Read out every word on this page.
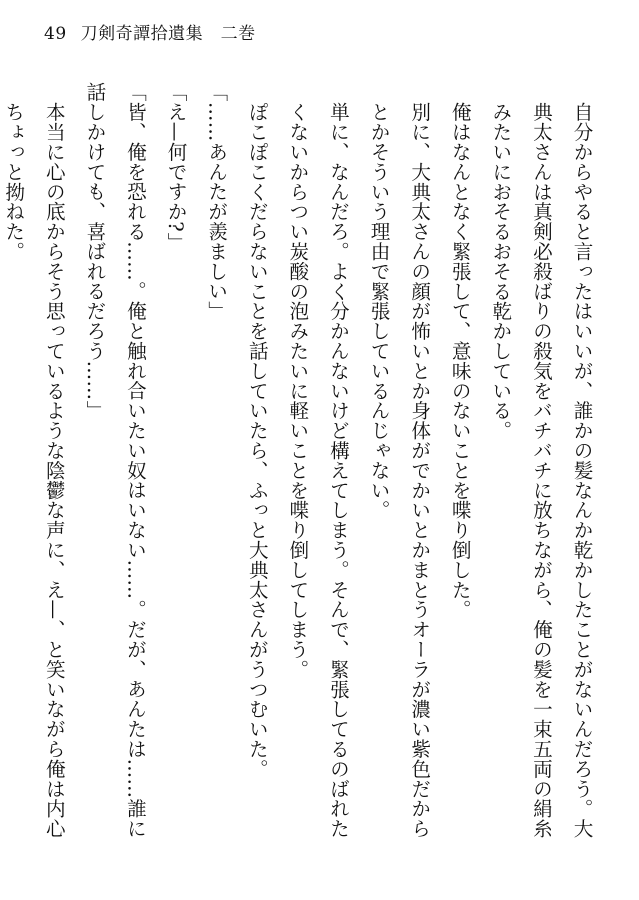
49 刀剣奇譚拾遺集　二巻

自分からやると言ったはいいが、誰かの髪なんか乾かしたことがないんだろう。大典太さんは真剣必殺ばりの殺気をバチバチに放ちながら、俺の髪を一束五両の絹糸みたいにおそるおそる乾かしている。

俺はなんとなく緊張して、意味のないことを喋り倒した。

別に、大典太さんの顔が怖いとか身体がでかいとかまとうオーラが濃い紫色だからとかそういう理由で緊張しているんじゃない。

単に、なんだろ。よく分かんないけど構えてしまう。そんで、緊張してるのばれたくないからつい炭酸の泡みたいに軽いことを喋り倒してしまう。

ぽこぽこくだらないことを話していたら、ふっと大典太さんがうつむいた。

「……あんたが羨ましい」

「え—何ですか?」

「皆、俺を恐れる……。俺と触れ合いたい奴はいない……。だが、あんたは……誰に話しかけても、喜ばれるだろう……」

本当に心の底からそう思っているような陰鬱な声に、え—、と笑いながら俺は内心ちょっと拗ねた。
